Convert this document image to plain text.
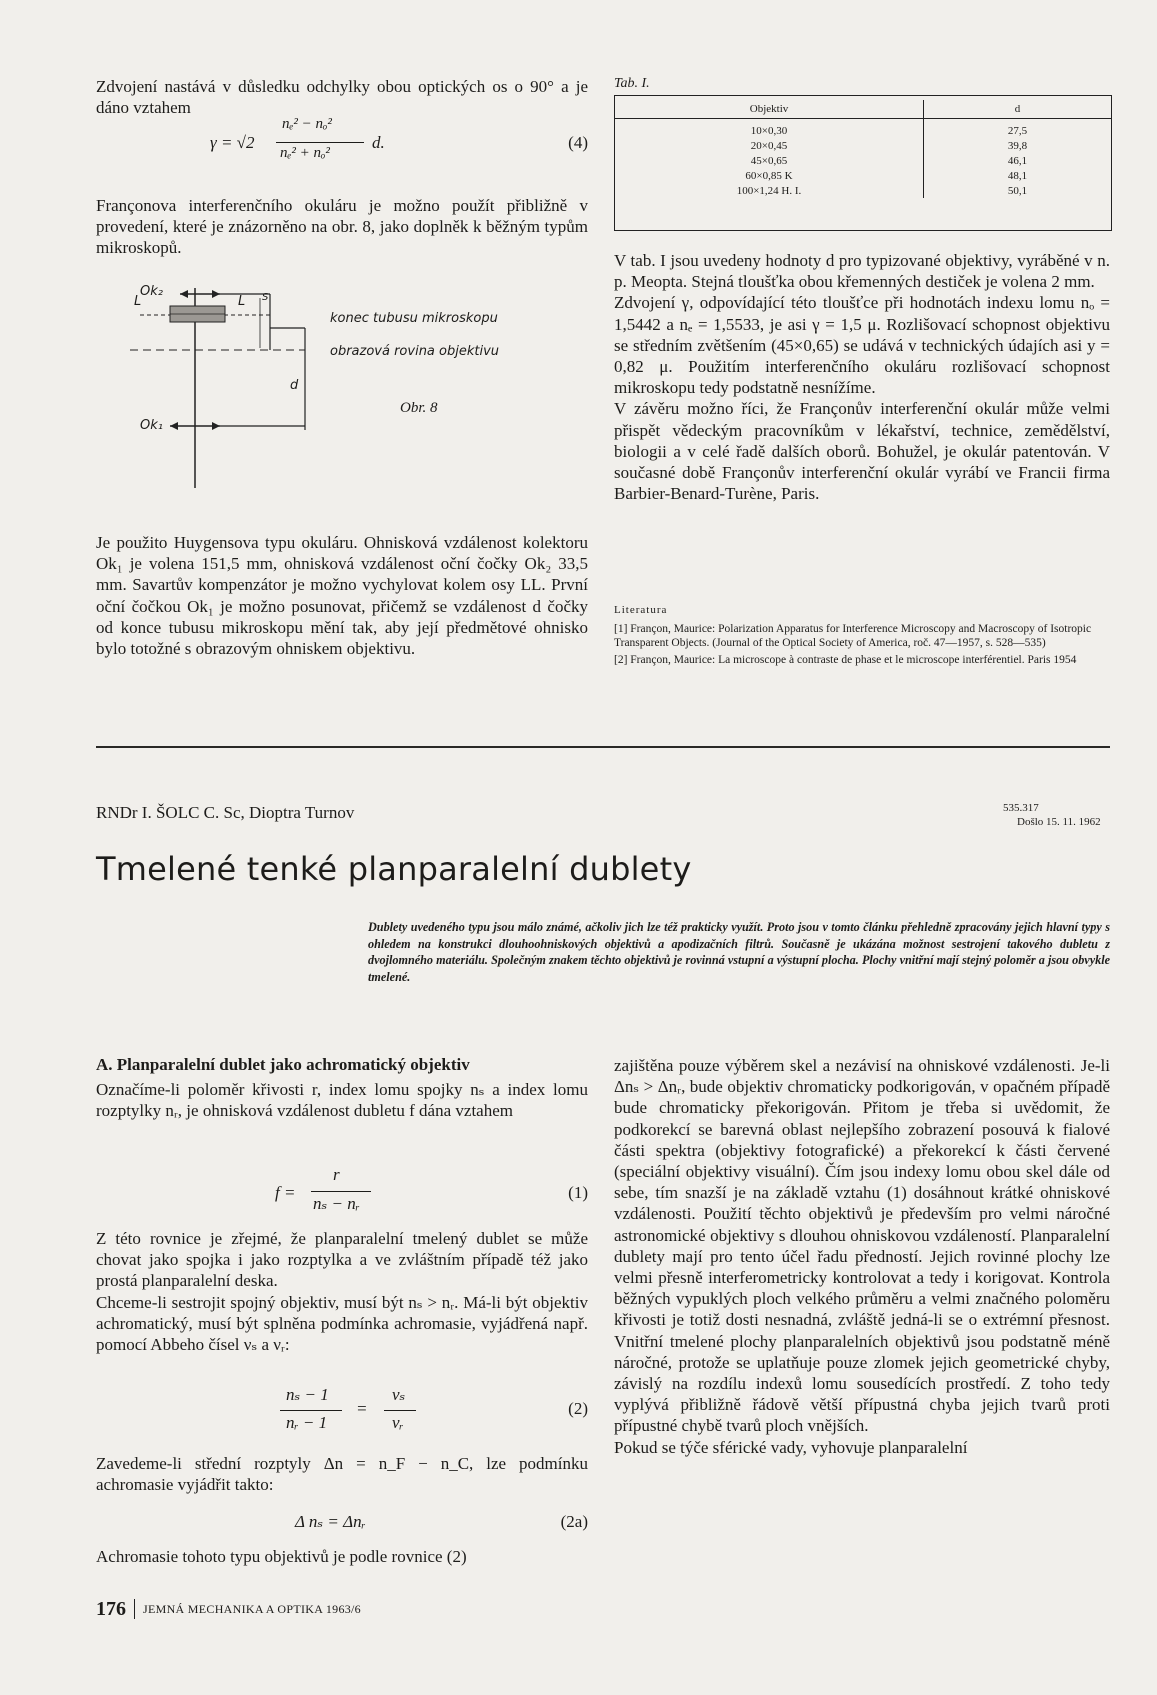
Zdvojení nastává v důsledku odchylky obou optických os o 90° a je dáno vztahem

γ = √2
nₑ² − nₒ²
nₑ² + nₒ²
d.	(4)

Françonova interferenčního okuláru je možno použít přibližně v provedení, které je znázorněno na obr. 8, jako doplněk k běžným typům mikroskopů.

Ok₂
L	L S
d
konec tubusu mikroskopu
obrazová rovina objektivu
Obr. 8
Ok₁

Je použito Huygensova typu okuláru. Ohnisková vzdálenost kolektoru Ok₁ je volena 151,5 mm, ohnisková vzdálenost oční čočky Ok₂ 33,5 mm. Savartův kompenzátor je možno vychylovat kolem osy LL. První oční čočkou Ok₁ je možno posunovat, přičemž se vzdálenost d čočky od konce tubusu mikroskopu mění tak, aby její předmětové ohnisko bylo totožné s obrazovým ohniskem objektivu.

Tab. I.
Objektiv	d
10×0,30	27,5
20×0,45	39,8
45×0,65	46,1
60×0,85 K	48,1
100×1,24 H. I.	50,1

V tab. I jsou uvedeny hodnoty d pro typizované objektivy, vyráběné v n. p. Meopta. Stejná tloušťka obou křemenných destiček je volena 2 mm.

Zdvojení γ, odpovídající této tloušťce při hodnotách indexu lomu nₒ = 1,5442 a nₑ = 1,5533, je asi γ = 1,5 μ. Rozlišovací schopnost objektivu se středním zvětšením (45×0,65) se udává v technických údajích asi y = 0,82 μ. Použitím interferenčního okuláru rozlišovací schopnost mikroskopu tedy podstatně nesnížíme.

V závěru možno říci, že Françonův interferenční okulár může velmi přispět vědeckým pracovníkům v lékařství, technice, zemědělství, biologii a v celé řadě dalších oborů. Bohužel, je okulár patentován. V současné době Françonův interferenční okulár vyrábí ve Francii firma Barbier-Benard-Turène, Paris.

Literatura

[1] Françon, Maurice: Polarization Apparatus for Interference Microscopy and Macroscopy of Isotropic Transparent Objects. (Journal of the Optical Society of America, roč. 47—1957, s. 528—535)

[2] Françon, Maurice: La microscope à contraste de phase et le microscope interférentiel. Paris 1954

RNDr I. ŠOLC C. Sc, Dioptra Turnov	535.317
Došlo 15. 11. 1962
Tmelené tenké planparalelní dublety

Dublety uvedeného typu jsou málo známé, ačkoliv jich lze též prakticky využít. Proto jsou v tomto článku přehledně zpracovány jejich hlavní typy s ohledem na konstrukci dlouhoohniskových objektivů a apodizačních filtrů. Současně je ukázána možnost sestrojení takového dubletu z dvojlomného materiálu. Společným znakem těchto objektivů je rovinná vstupní a výstupní plocha. Plochy vnitřní mají stejný poloměr a jsou obvykle tmelené.

A. Planparalelní dublet jako achromatický objektiv

Označíme-li poloměr křivosti r, index lomu spojky nₛ a index lomu rozptylky nᵣ, je ohnisková vzdálenost dubletu f dána vztahem

f =
r
nₛ − nᵣ
(1)

Z této rovnice je zřejmé, že planparalelní tmelený dublet se může chovat jako spojka i jako rozptylka a ve zvláštním případě též jako prostá planparalelní deska.

Chceme-li sestrojit spojný objektiv, musí být nₛ > nᵣ. Má-li být objektiv achromatický, musí být splněna podmínka achromasie, vyjádřená např. pomocí Abbeho čísel νₛ a νᵣ:

nₛ − 1
nᵣ − 1
=
νₛ
νᵣ
(2)

Zavedeme-li střední rozptyly Δn = n_F − n_C, lze podmínku achromasie vyjádřit takto:

Δ nₛ = Δnᵣ	(2a)

Achromasie tohoto typu objektivů je podle rovnice (2)

zajištěna pouze výběrem skel a nezávisí na ohniskové vzdálenosti. Je-li Δnₛ > Δnᵣ, bude objektiv chromaticky podkorigován, v opačném případě bude chromaticky překorigován. Přitom je třeba si uvědomit, že podkorekcí se barevná oblast nejlepšího zobrazení posouvá k fialové části spektra (objektivy fotografické) a překorekcí k části červené (speciální objektivy visuální). Čím jsou indexy lomu obou skel dále od sebe, tím snazší je na základě vztahu (1) dosáhnout krátké ohniskové vzdálenosti. Použití těchto objektivů je především pro velmi náročné astronomické objektivy s dlouhou ohniskovou vzdáleností. Planparalelní dublety mají pro tento účel řadu předností. Jejich rovinné plochy lze velmi přesně interferometricky kontrolovat a tedy i korigovat. Kontrola běžných vypuklých ploch velkého průměru a velmi značného poloměru křivosti je totiž dosti nesnadná, zvláště jedná-li se o extrémní přesnost. Vnitřní tmelené plochy planparalelních objektivů jsou podstatně méně náročné, protože se uplatňuje pouze zlomek jejich geometrické chyby, závislý na rozdílu indexů lomu sousedících prostředí. Z toho tedy vyplývá přibližně řádově větší přípustná chyba jejich tvarů proti přípustné chybě tvarů ploch vnějších.

Pokud se týče sférické vady, vyhovuje planparalelní

176 JEMNÁ MECHANIKA A OPTIKA 1963/6
